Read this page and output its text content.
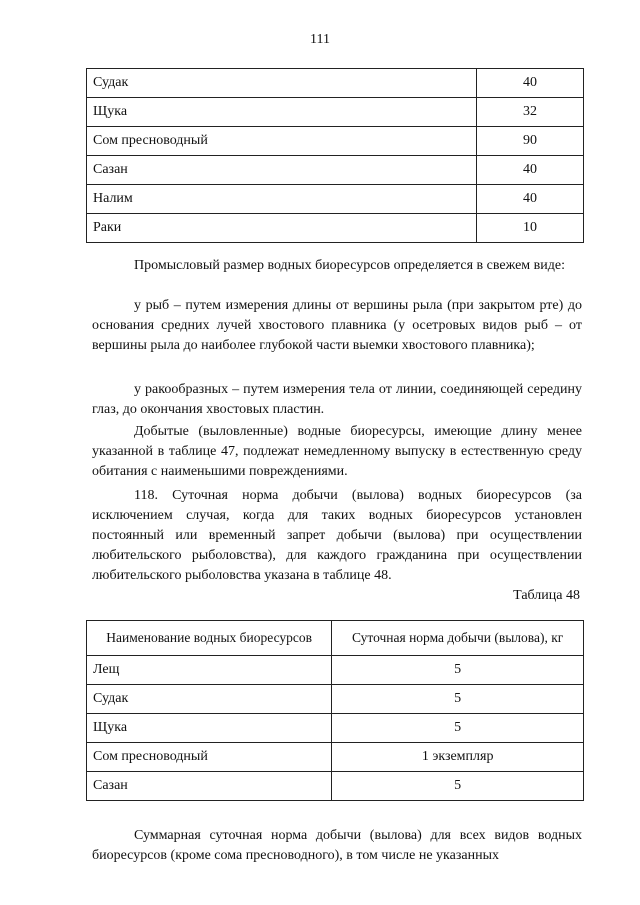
111
Судак	40
Щука	32
Сом пресноводный	90
Сазан	40
Налим	40
Раки	10

Промысловый размер водных биоресурсов определяется в свежем виде:

у рыб – путем измерения длины от вершины рыла (при закрытом рте) до основания средних лучей хвостового плавника (у осетровых видов рыб – от вершины рыла до наиболее глубокой части выемки хвостового плавника);

у ракообразных – путем измерения тела от линии, соединяющей середину глаз, до окончания хвостовых пластин.

Добытые (выловленные) водные биоресурсы, имеющие длину менее указанной в таблице 47, подлежат немедленному выпуску в естественную среду обитания с наименьшими повреждениями.

118. Суточная норма добычи (вылова) водных биоресурсов (за исключением случая, когда для таких водных биоресурсов установлен постоянный или временный запрет добычи (вылова) при осуществлении любительского рыболовства), для каждого гражданина при осуществлении любительского рыболовства указана в таблице 48.

Таблица 48
Наименование водных биоресурсов	Суточная норма добычи (вылова), кг
Лещ	5
Судак	5
Щука	5
Сом пресноводный	1 экземпляр
Сазан	5

Суммарная суточная норма добычи (вылова) для всех видов водных биоресурсов (кроме сома пресноводного), в том числе не указанных
